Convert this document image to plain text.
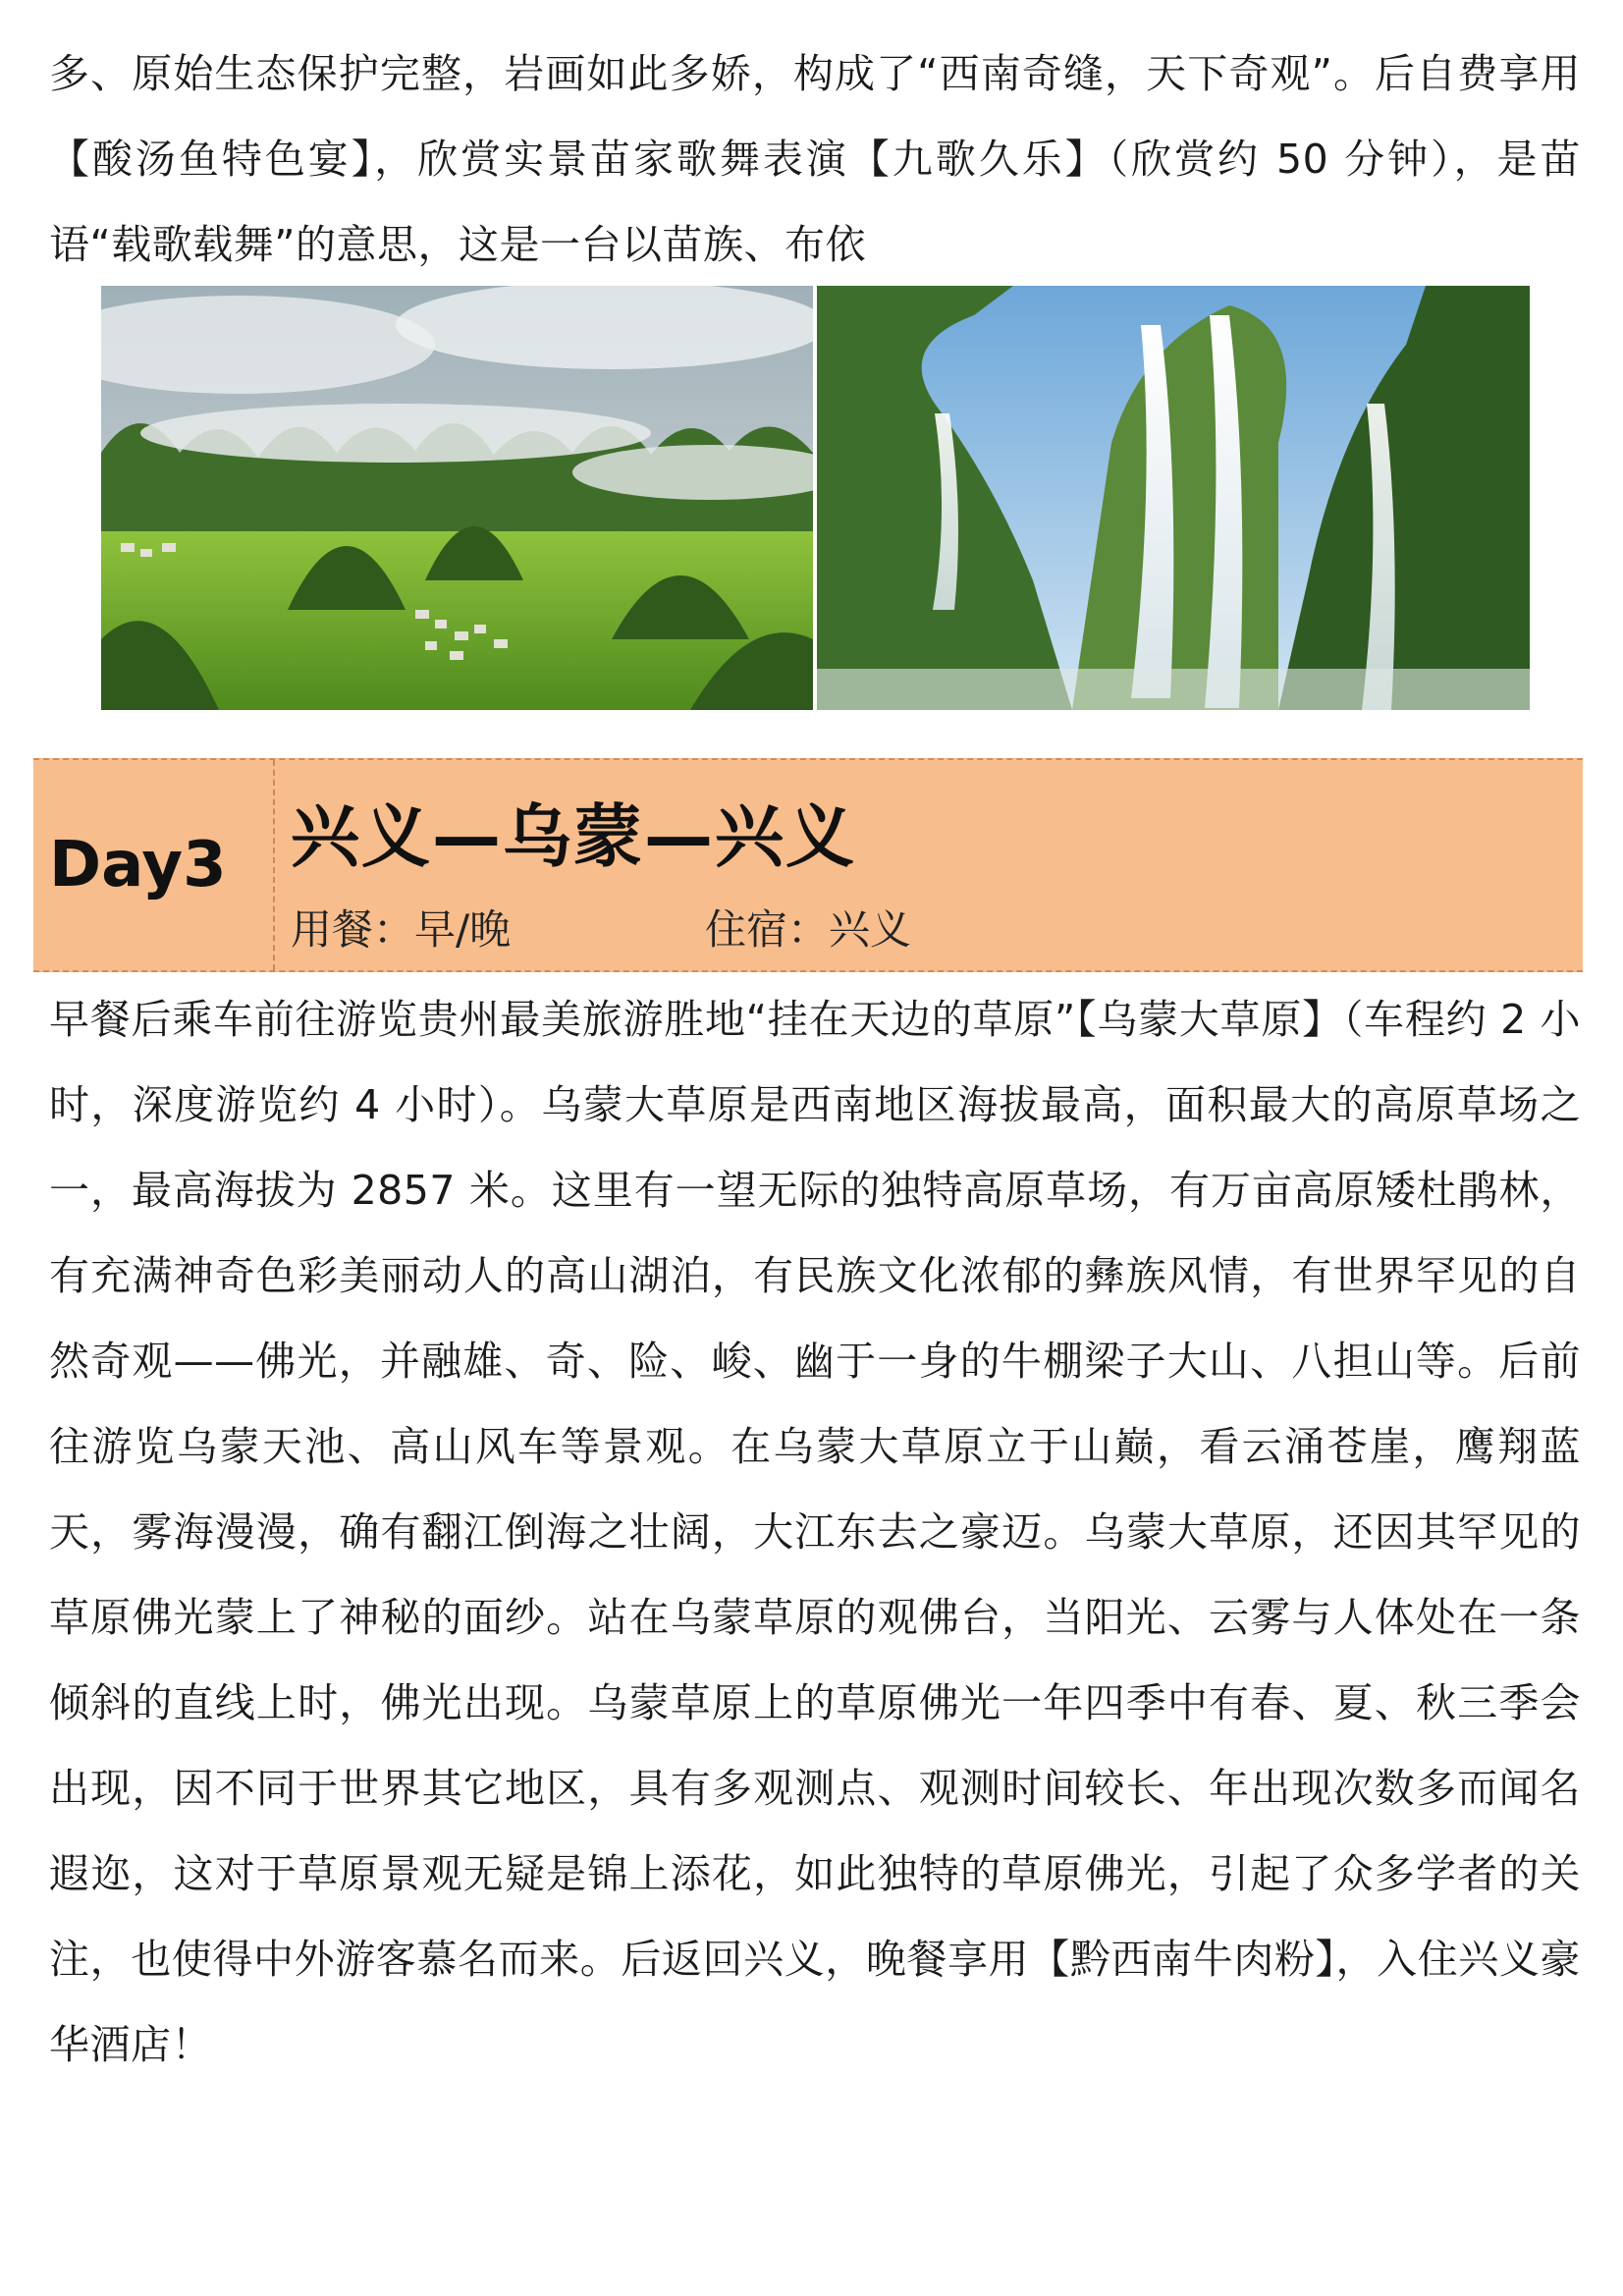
多、原始生态保护完整，岩画如此多娇，构成了“西南奇缝，天下奇观”。后自费享用【酸汤鱼特色宴】，欣赏实景苗家歌舞表演【九歌久乐】（欣赏约 50 分钟），是苗语“载歌载舞”的意思，这是一台以苗族、布依
Day3 兴义—乌蒙—兴义
用餐：早/晚	住宿：兴义
早餐后乘车前往游览贵州最美旅游胜地“挂在天边的草原”【乌蒙大草原】（车程约 2 小时，深度游览约 4 小时）。乌蒙大草原是西南地区海拔最高，面积最大的高原草场之一，最高海拔为 2857 米。这里有一望无际的独特高原草场，有万亩高原矮杜鹃林，有充满神奇色彩美丽动人的高山湖泊，有民族文化浓郁的彝族风情，有世界罕见的自然奇观——佛光，并融雄、奇、险、峻、幽于一身的牛棚梁子大山、八担山等。后前往游览乌蒙天池、高山风车等景观。在乌蒙大草原立于山巅，看云涌苍崖，鹰翔蓝天，雾海漫漫，确有翻江倒海之壮阔，大江东去之豪迈。乌蒙大草原，还因其罕见的草原佛光蒙上了神秘的面纱。站在乌蒙草原的观佛台，当阳光、云雾与人体处在一条倾斜的直线上时，佛光出现。乌蒙草原上的草原佛光一年四季中有春、夏、秋三季会出现，因不同于世界其它地区，具有多观测点、观测时间较长、年出现次数多而闻名遐迩，这对于草原景观无疑是锦上添花，如此独特的草原佛光，引起了众多学者的关注，也使得中外游客慕名而来。后返回兴义，晚餐享用【黔西南牛肉粉】，入住兴义豪华酒店！
